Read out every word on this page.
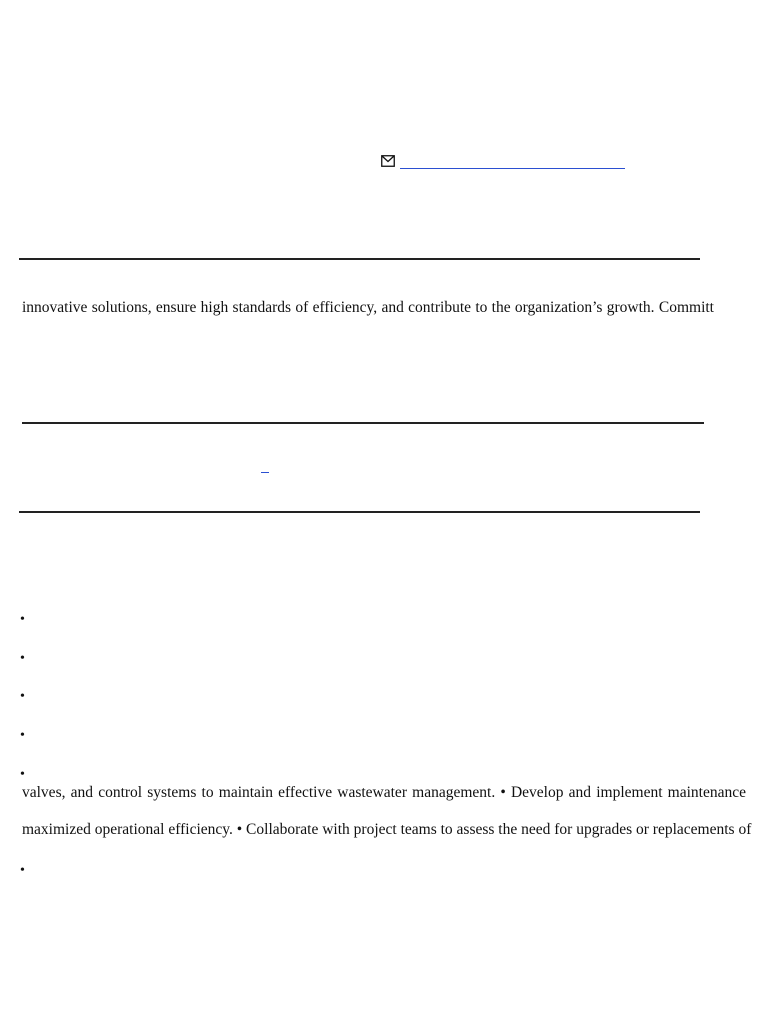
innovative solutions, ensure high standards of efficiency, and contribute to the organization’s growth. Committ
•
•
•
•
•
valves, and control systems to maintain effective wastewater management. • Develop and implement maintenance
maximized operational efficiency. • Collaborate with project teams to assess the need for upgrades or replacements of
•
